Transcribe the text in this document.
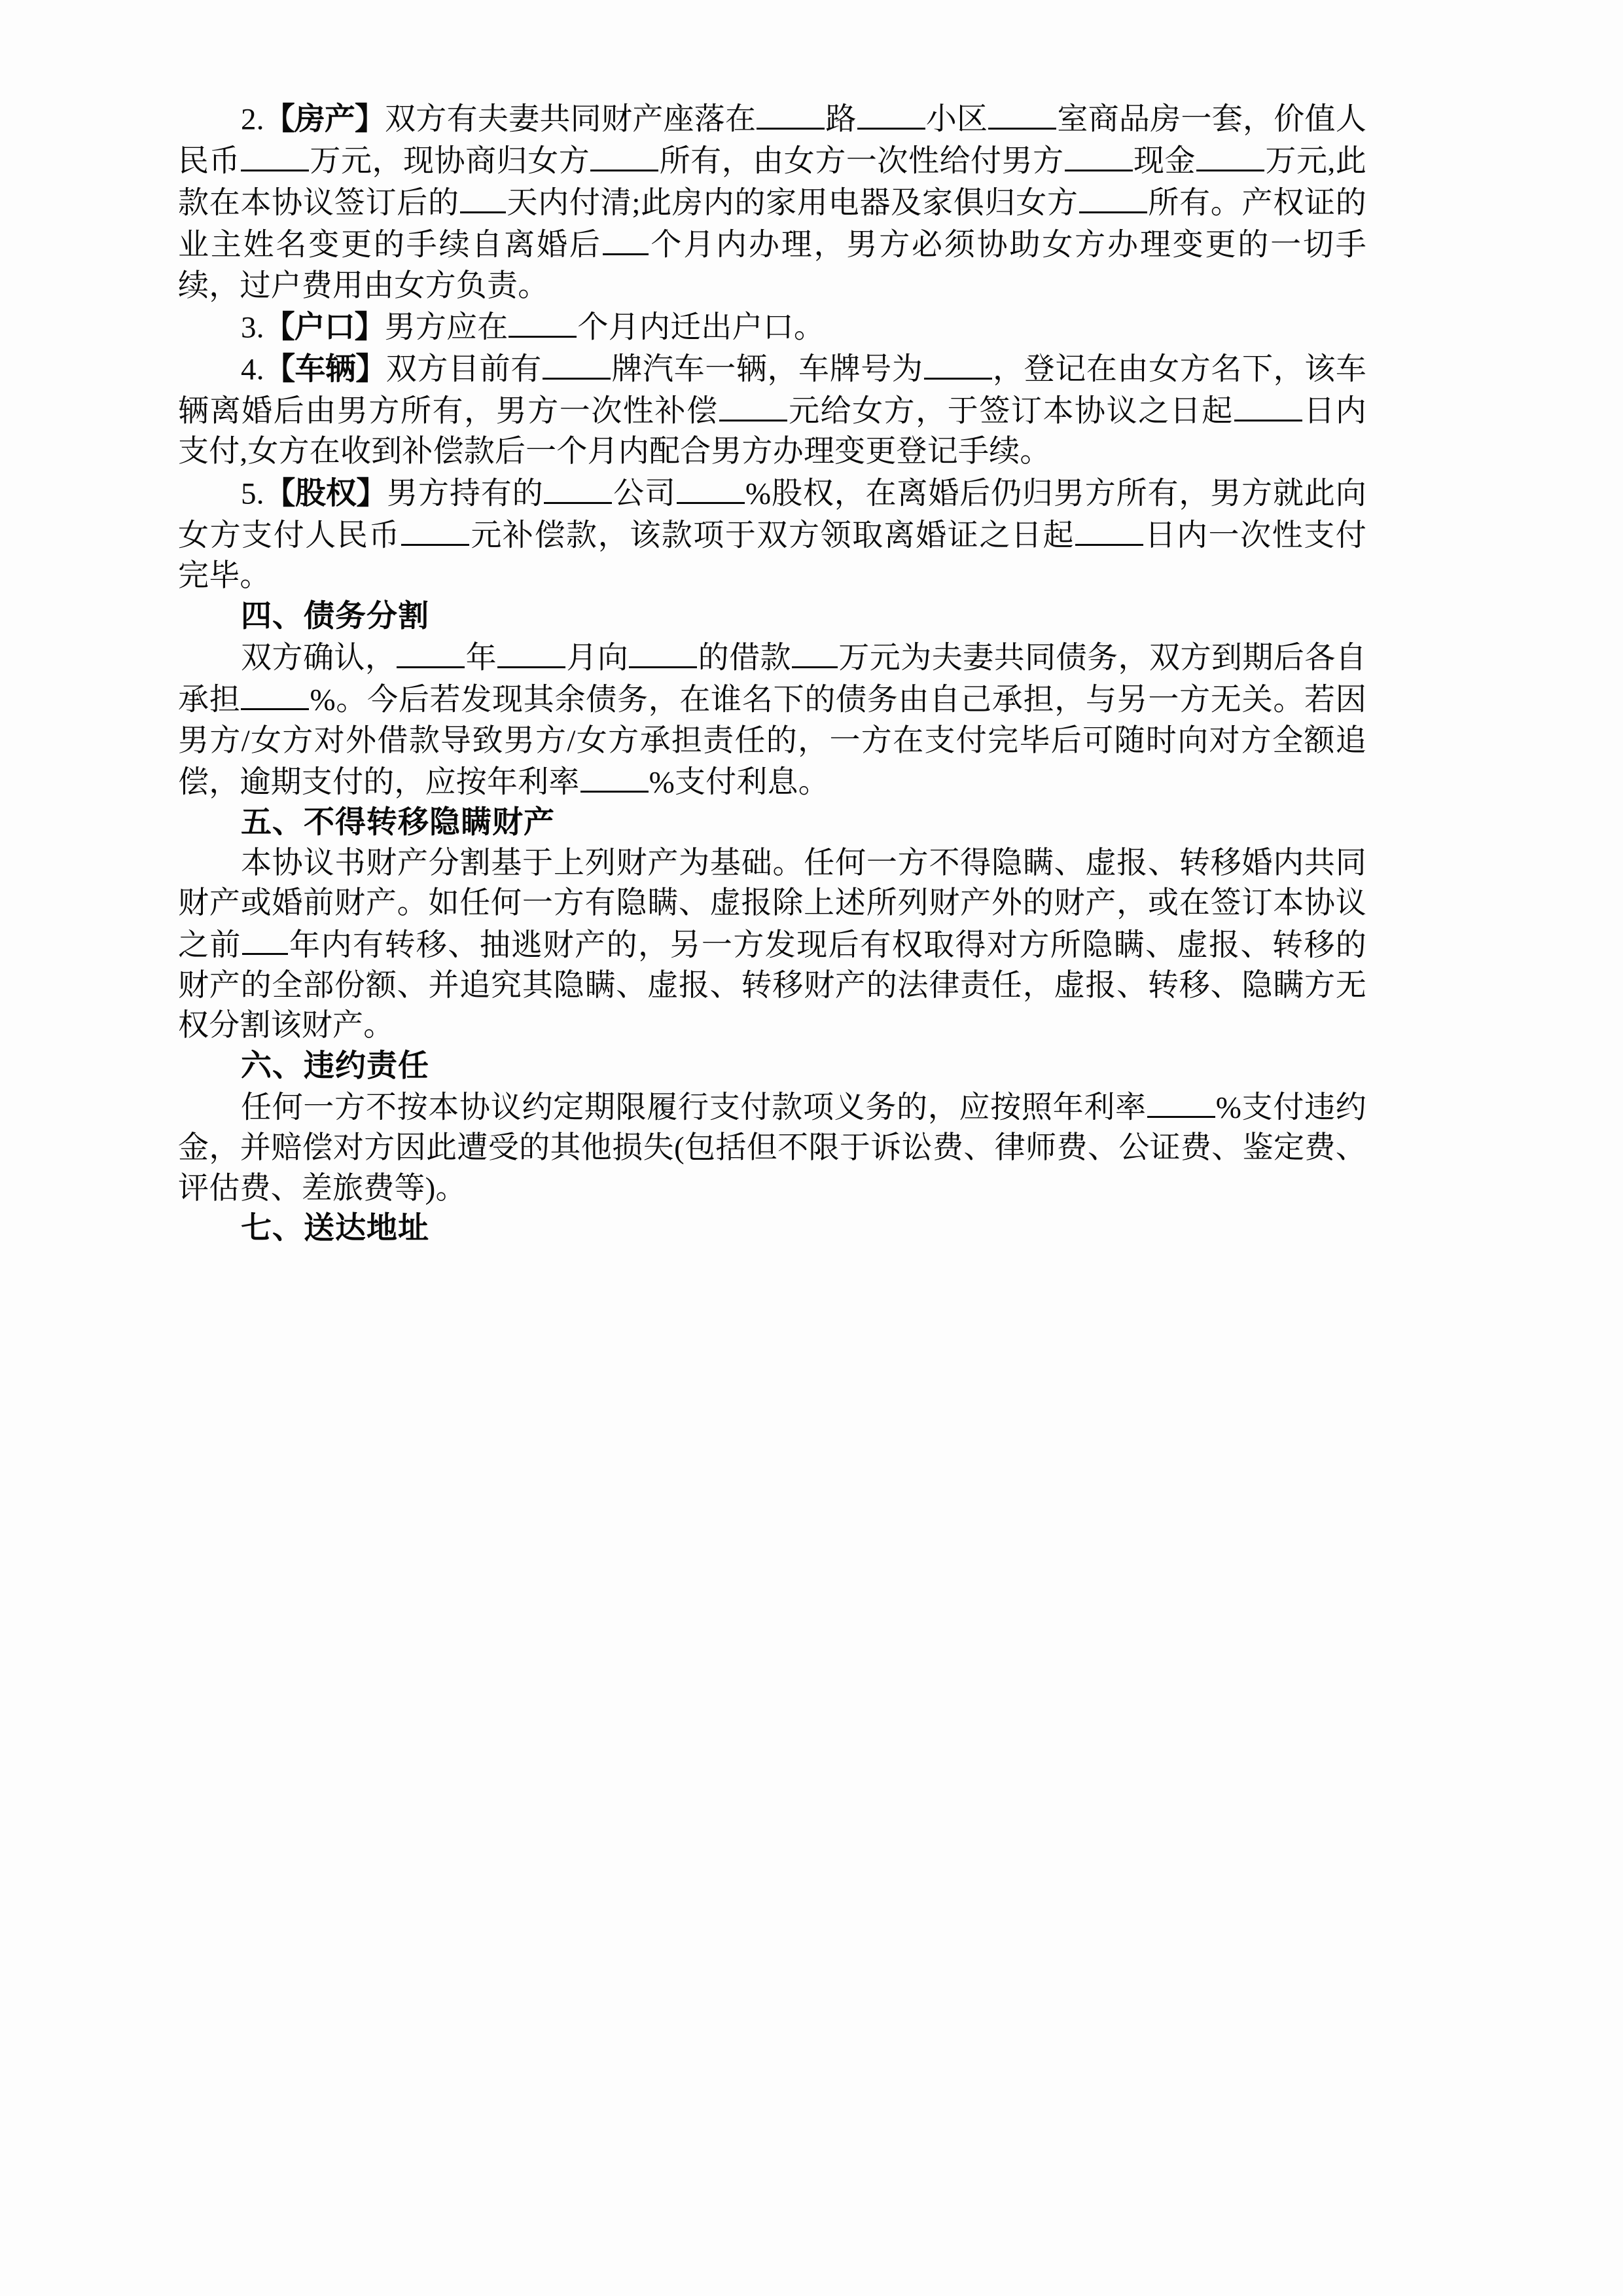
2.【房产】双方有夫妻共同财产座落在 路 小区 室商品房一套，价值人民币 万元，现协商归女方 所有，由女方一次性给付男方 现金 万元,此款在本协议签订后的 天内付清;此房内的家用电器及家俱归女方 所有。产权证的业主姓名变更的手续自离婚后 个月内办理，男方必须协助女方办理变更的一切手续，过户费用由女方负责。

3.【户口】男方应在 个月内迁出户口。

4.【车辆】双方目前有 牌汽车一辆，车牌号为 ，登记在由女方名下，该车辆离婚后由男方所有，男方一次性补偿 元给女方，于签订本协议之日起 日内支付,女方在收到补偿款后一个月内配合男方办理变更登记手续。

5.【股权】男方持有的 公司 %股权，在离婚后仍归男方所有，男方就此向女方支付人民币 元补偿款，该款项于双方领取离婚证之日起 日内一次性支付完毕。

四、债务分割

双方确认， 年 月向 的借款 万元为夫妻共同债务，双方到期后各自承担 %。今后若发现其余债务，在谁名下的债务由自己承担，与另一方无关。若因男方/女方对外借款导致男方/女方承担责任的，一方在支付完毕后可随时向对方全额追偿，逾期支付的，应按年利率 %支付利息。

五、不得转移隐瞒财产

本协议书财产分割基于上列财产为基础。任何一方不得隐瞒、虚报、转移婚内共同财产或婚前财产。如任何一方有隐瞒、虚报除上述所列财产外的财产，或在签订本协议之前 年内有转移、抽逃财产的，另一方发现后有权取得对方所隐瞒、虚报、转移的财产的全部份额、并追究其隐瞒、虚报、转移财产的法律责任，虚报、转移、隐瞒方无权分割该财产。

六、违约责任

任何一方不按本协议约定期限履行支付款项义务的，应按照年利率 %支付违约金，并赔偿对方因此遭受的其他损失(包括但不限于诉讼费、律师费、公证费、鉴定费、评估费、差旅费等)。

七、送达地址
